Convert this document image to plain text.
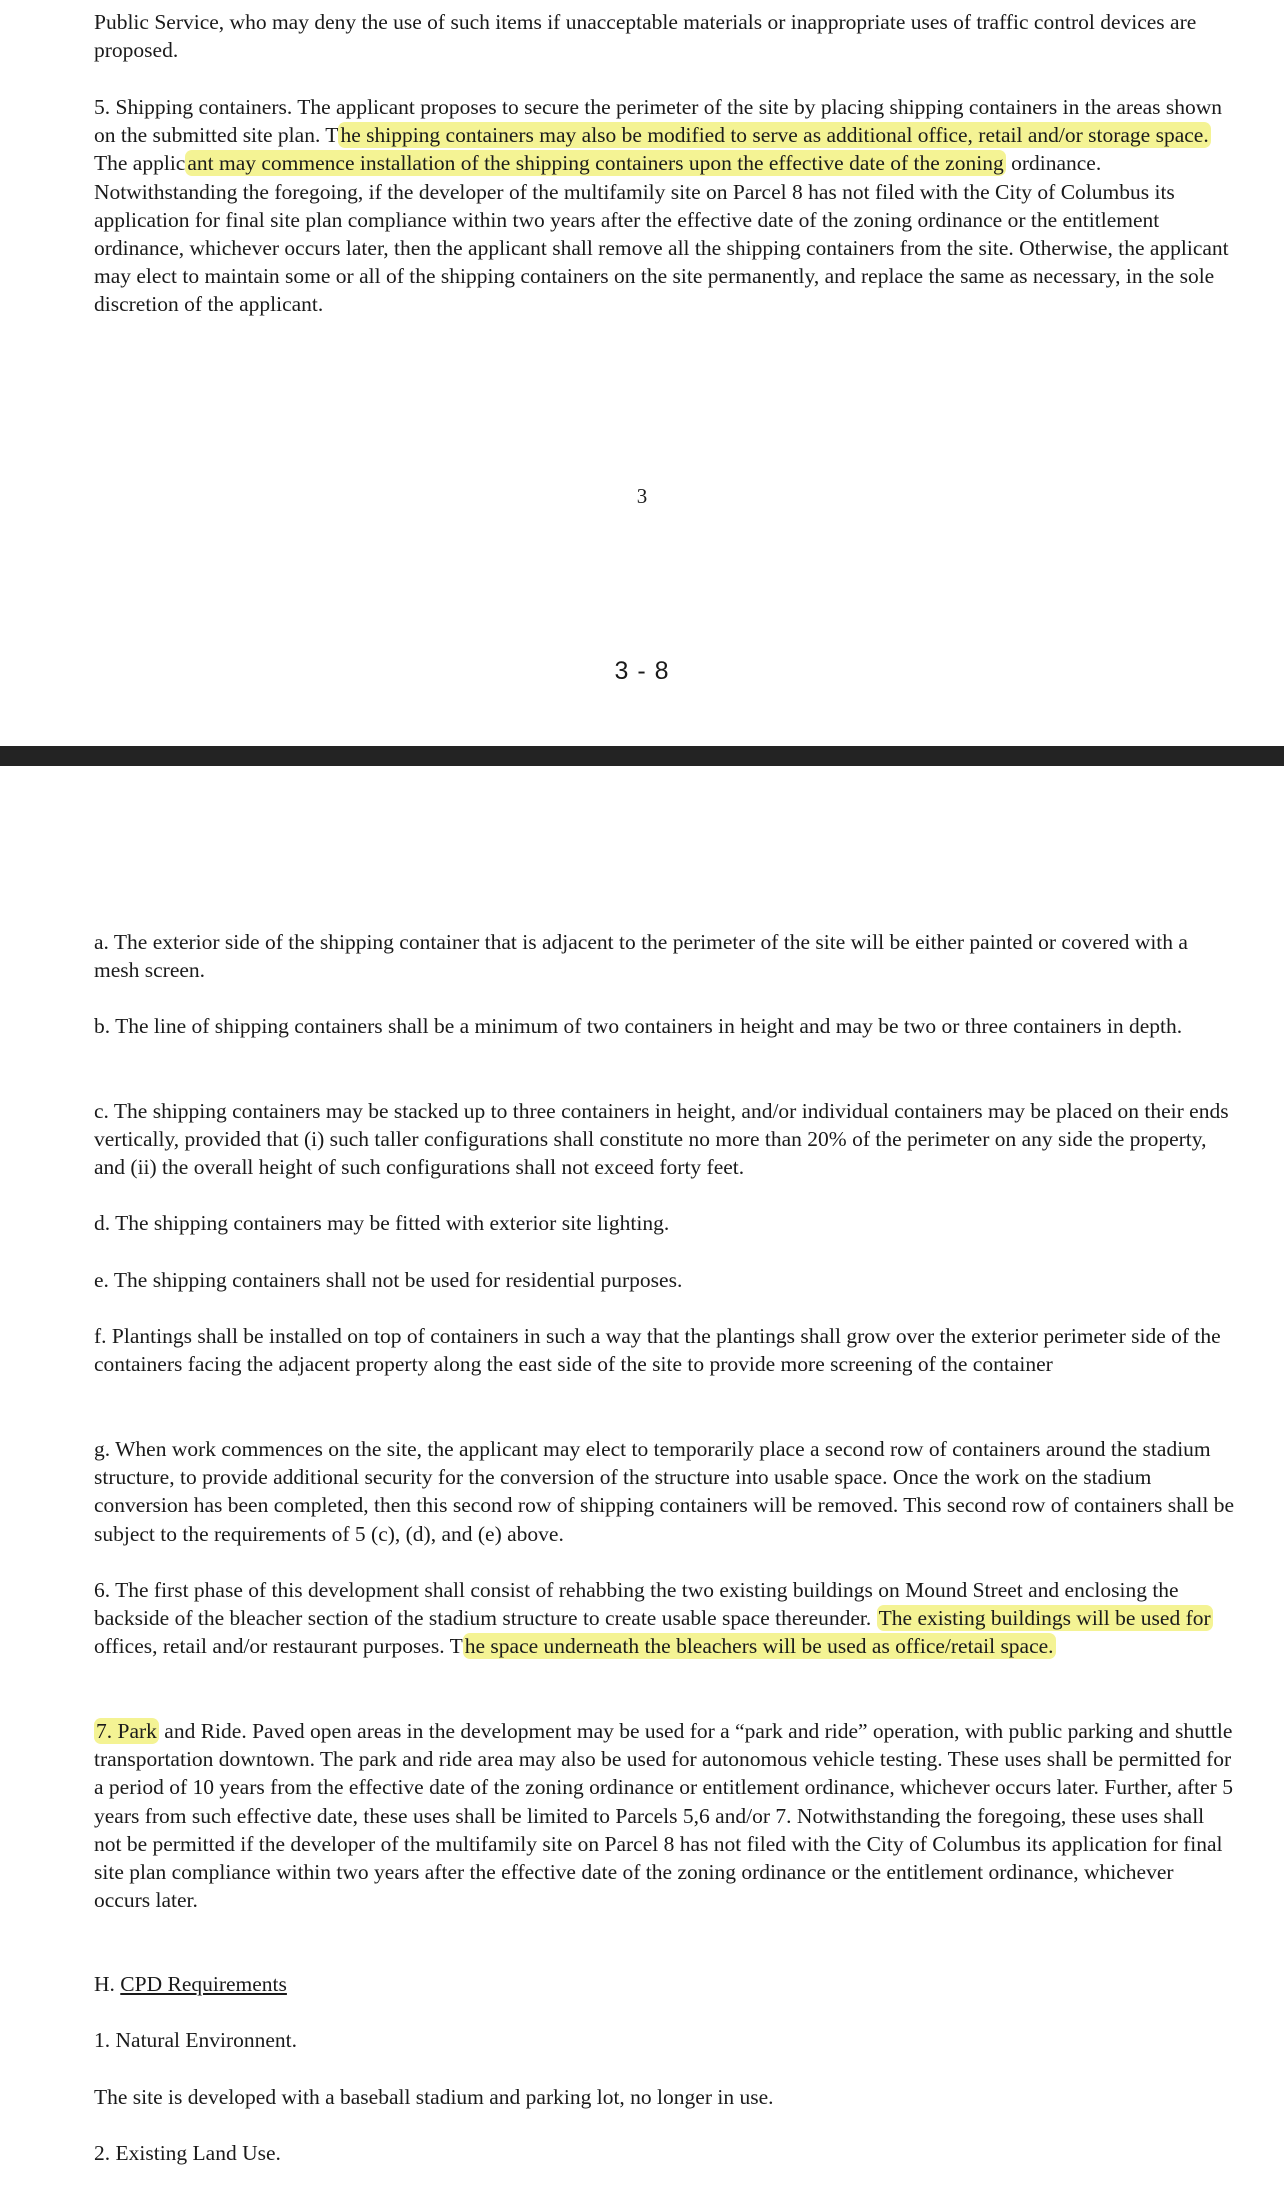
Public Service, who may deny the use of such items if unacceptable materials or inappropriate uses of traffic control devices are proposed.

5. Shipping containers. The applicant proposes to secure the perimeter of the site by placing shipping containers in the areas shown on the submitted site plan. The shipping containers may also be modified to serve as additional office, retail and/or storage space. The applicant may commence installation of the shipping containers upon the effective date of the zoning ordinance. Notwithstanding the foregoing, if the developer of the multifamily site on Parcel 8 has not filed with the City of Columbus its application for final site plan compliance within two years after the effective date of the zoning ordinance or the entitlement ordinance, whichever occurs later, then the applicant shall remove all the shipping containers from the site. Otherwise, the applicant may elect to maintain some or all of the shipping containers on the site permanently, and replace the same as necessary, in the sole discretion of the applicant.

3
3 - 8

a. The exterior side of the shipping container that is adjacent to the perimeter of the site will be either painted or covered with a mesh screen.

b. The line of shipping containers shall be a minimum of two containers in height and may be two or three containers in depth.

c. The shipping containers may be stacked up to three containers in height, and/or individual containers may be placed on their ends vertically, provided that (i) such taller configurations shall constitute no more than 20% of the perimeter on any side the property, and (ii) the overall height of such configurations shall not exceed forty feet.

d. The shipping containers may be fitted with exterior site lighting.

e. The shipping containers shall not be used for residential purposes.

f. Plantings shall be installed on top of containers in such a way that the plantings shall grow over the exterior perimeter side of the containers facing the adjacent property along the east side of the site to provide more screening of the container

g. When work commences on the site, the applicant may elect to temporarily place a second row of containers around the stadium structure, to provide additional security for the conversion of the structure into usable space. Once the work on the stadium conversion has been completed, then this second row of shipping containers will be removed. This second row of containers shall be subject to the requirements of 5 (c), (d), and (e) above.

6. The first phase of this development shall consist of rehabbing the two existing buildings on Mound Street and enclosing the backside of the bleacher section of the stadium structure to create usable space thereunder. The existing buildings will be used for offices, retail and/or restaurant purposes. The space underneath the bleachers will be used as office/retail space.

7. Park and Ride. Paved open areas in the development may be used for a “park and ride” operation, with public parking and shuttle transportation downtown. The park and ride area may also be used for autonomous vehicle testing. These uses shall be permitted for a period of 10 years from the effective date of the zoning ordinance or entitlement ordinance, whichever occurs later. Further, after 5 years from such effective date, these uses shall be limited to Parcels 5,6 and/or 7. Notwithstanding the foregoing, these uses shall not be permitted if the developer of the multifamily site on Parcel 8 has not filed with the City of Columbus its application for final site plan compliance within two years after the effective date of the zoning ordinance or the entitlement ordinance, whichever occurs later.

H. CPD Requirements

1. Natural Environnent.

The site is developed with a baseball stadium and parking lot, no longer in use.

2. Existing Land Use.
